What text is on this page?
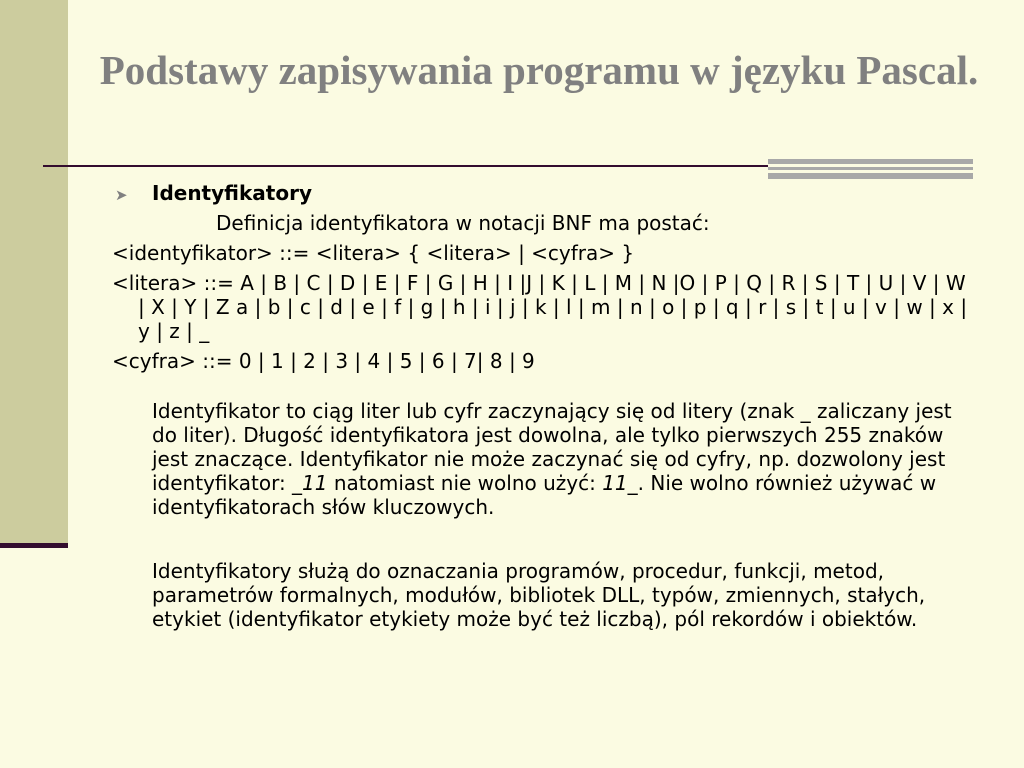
Podstawy zapisywania programu w języku Pascal.
➤ Identyfikatory
Definicja identyfikatora w notacji BNF ma postać:
<identyfikator> ::= <litera> { <litera> | <cyfra> }
<litera> ::= A | B | C | D | E | F | G | H | I |J | K | L | M | N |O | P | Q | R | S | T | U | V | W | X | Y | Z a | b | c | d | e | f | g | h | i | j | k | l | m | n | o | p | q | r | s | t | u | v | w | x | y | z | _
<cyfra> ::= 0 | 1 | 2 | 3 | 4 | 5 | 6 | 7| 8 | 9
Identyfikator to ciąg liter lub cyfr zaczynający się od litery (znak _ zaliczany jest do liter). Długość identyfikatora jest dowolna, ale tylko pierwszych 255 znaków jest znaczące. Identyfikator nie może zaczynać się od cyfry, np. dozwolony jest identyfikator: _11 natomiast nie wolno użyć: 11_. Nie wolno również używać w identyfikatorach słów kluczowych.
Identyfikatory służą do oznaczania programów, procedur, funkcji, metod, parametrów formalnych, modułów, bibliotek DLL, typów, zmiennych, stałych, etykiet (identyfikator etykiety może być też liczbą), pól rekordów i obiektów.
